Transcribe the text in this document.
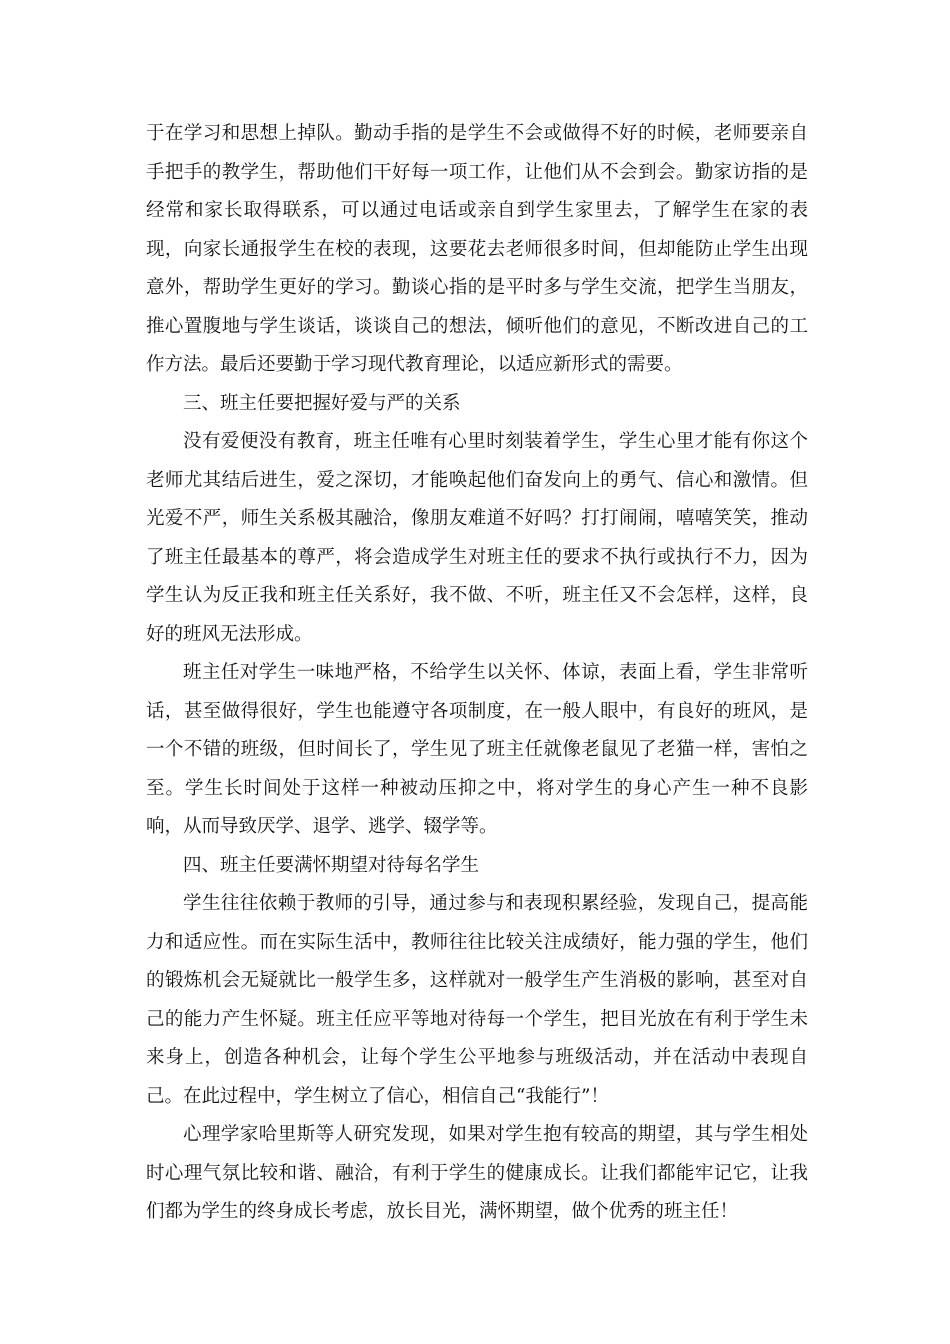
于在学习和思想上掉队。勤动手指的是学生不会或做得不好的时候，老师要亲自手把手的教学生，帮助他们干好每一项工作，让他们从不会到会。勤家访指的是经常和家长取得联系，可以通过电话或亲自到学生家里去，了解学生在家的表现，向家长通报学生在校的表现，这要花去老师很多时间，但却能防止学生出现意外，帮助学生更好的学习。勤谈心指的是平时多与学生交流，把学生当朋友，推心置腹地与学生谈话，谈谈自己的想法，倾听他们的意见，不断改进自己的工作方法。最后还要勤于学习现代教育理论，以适应新形式的需要。

三、班主任要把握好爱与严的关系

没有爱便没有教育，班主任唯有心里时刻装着学生，学生心里才能有你这个老师尤其结后进生，爱之深切，才能唤起他们奋发向上的勇气、信心和激情。但光爱不严，师生关系极其融洽，像朋友难道不好吗？打打闹闹，嘻嘻笑笑，推动了班主任最基本的尊严，将会造成学生对班主任的要求不执行或执行不力，因为学生认为反正我和班主任关系好，我不做、不听，班主任又不会怎样，这样，良好的班风无法形成。

班主任对学生一味地严格，不给学生以关怀、体谅，表面上看，学生非常听话，甚至做得很好，学生也能遵守各项制度，在一般人眼中，有良好的班风，是一个不错的班级，但时间长了，学生见了班主任就像老鼠见了老猫一样，害怕之至。学生长时间处于这样一种被动压抑之中，将对学生的身心产生一种不良影响，从而导致厌学、退学、逃学、辍学等。

四、班主任要满怀期望对待每名学生

学生往往依赖于教师的引导，通过参与和表现积累经验，发现自己，提高能力和适应性。而在实际生活中，教师往往比较关注成绩好，能力强的学生，他们的锻炼机会无疑就比一般学生多，这样就对一般学生产生消极的影响，甚至对自己的能力产生怀疑。班主任应平等地对待每一个学生，把目光放在有利于学生未来身上，创造各种机会，让每个学生公平地参与班级活动，并在活动中表现自己。在此过程中，学生树立了信心，相信自己“我能行”！

心理学家哈里斯等人研究发现，如果对学生抱有较高的期望，其与学生相处时心理气氛比较和谐、融洽，有利于学生的健康成长。让我们都能牢记它，让我们都为学生的终身成长考虑，放长目光，满怀期望，做个优秀的班主任！
